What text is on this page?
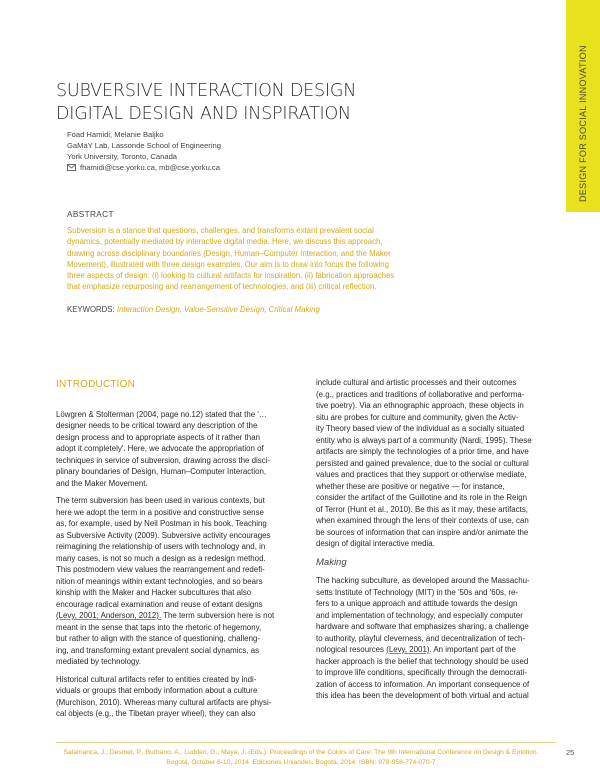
DESIGN FOR SOCIAL INNOVATION
SUBVERSIVE INTERACTION DESIGN
DIGITAL DESIGN AND INSPIRATION
Foad Hamidi, Melanie Baljko
GaMaY Lab, Lassonde School of Engineering
York University, Toronto, Canada
fhamidi@cse.yorku.ca, mb@cse.yorku.ca
ABSTRACT
Subversion is a stance that questions, challenges, and transforms extant prevalent social
dynamics, potentially mediated by interactive digital media. Here, we discuss this approach,
drawing across disciplinary boundaries (Design, Human–Computer Interaction, and the Maker
Movement), illustrated with three design examples. Our aim is to draw into focus the following
three aspects of design: (i) looking to cultural artifacts for inspiration, (ii) fabrication approaches
that emphasize repurposing and rearrangement of technologies, and (iii) critical reflection.
KEYWORDS: Interaction Design, Value-Sensitive Design, Critical Making
INTRODUCTION
Löwgren & Stolterman (2004, page no.12) stated that the '…
designer needs to be critical toward any description of the
design process and to appropriate aspects of it rather than
adopt it completely'. Here, we advocate the appropriation of
techniques in service of subversion, drawing across the disci-
plinary boundaries of Design, Human–Computer Interaction,
and the Maker Movement.
The term subversion has been used in various contexts, but
here we adopt the term in a positive and constructive sense
as, for example, used by Neil Postman in his book, Teaching
as Subversive Activity (2009). Subversive activity encourages
reimagining the relationship of users with technology and, in
many cases, is not so much a design as a redesign method.
This postmodern view values the rearrangement and redefi-
nition of meanings within extant technologies, and so bears
kinship with the Maker and Hacker subcultures that also
encourage radical examination and reuse of extant designs
(Levy, 2001; Anderson, 2012). The term subversion here is not
meant in the sense that taps into the rhetoric of hegemony,
but rather to align with the stance of questioning, challeng-
ing, and transforming extant prevalent social dynamics, as
mediated by technology.
Historical cultural artifacts refer to entities created by indi-
viduals or groups that embody information about a culture
(Murchison, 2010). Whereas many cultural artifacts are physi-
cal objects (e.g., the Tibetan prayer wheel), they can also
include cultural and artistic processes and their outcomes
(e.g., practices and traditions of collaborative and performa-
tive poetry). Via an ethnographic approach, these objects in
situ are probes for culture and community, given the Activ-
ity Theory based view of the individual as a socially situated
entity who is always part of a community (Nardi, 1995). These
artifacts are simply the technologies of a prior time, and have
persisted and gained prevalence, due to the social or cultural
values and practices that they support or otherwise mediate,
whether these are positive or negative — for instance,
consider the artifact of the Guillotine and its role in the Reign
of Terror (Hunt et al., 2010). Be this as it may, these artifacts,
when examined through the lens of their contexts of use, can
be sources of information that can inspire and/or animate the
design of digital interactive media.
Making
The hacking subculture, as developed around the Massachu-
setts Institute of Technology (MIT) in the '50s and '60s, re-
fers to a unique approach and attitude towards the design
and implementation of technology, and especially computer
hardware and software that emphasizes sharing, a challenge
to authority, playful cleverness, and decentralization of tech-
nological resources (Levy, 2001). An important part of the
hacker approach is the belief that technology should be used
to improve life conditions, specifically through the democrati-
zation of access to information. An important consequence of
this idea has been the development of both virtual and actual
Salamanca, J., Desmet, P., Burbano, A., Ludden, G., Maya, J. (Eds.). Proceedings of the Colors of Care: The 9th International Conference on Design & Emotion.
Bogotá, October 6-10, 2014. Ediciones Uniandes, Bogotá, 2014. ISBN: 978-958-774-070-7
25
